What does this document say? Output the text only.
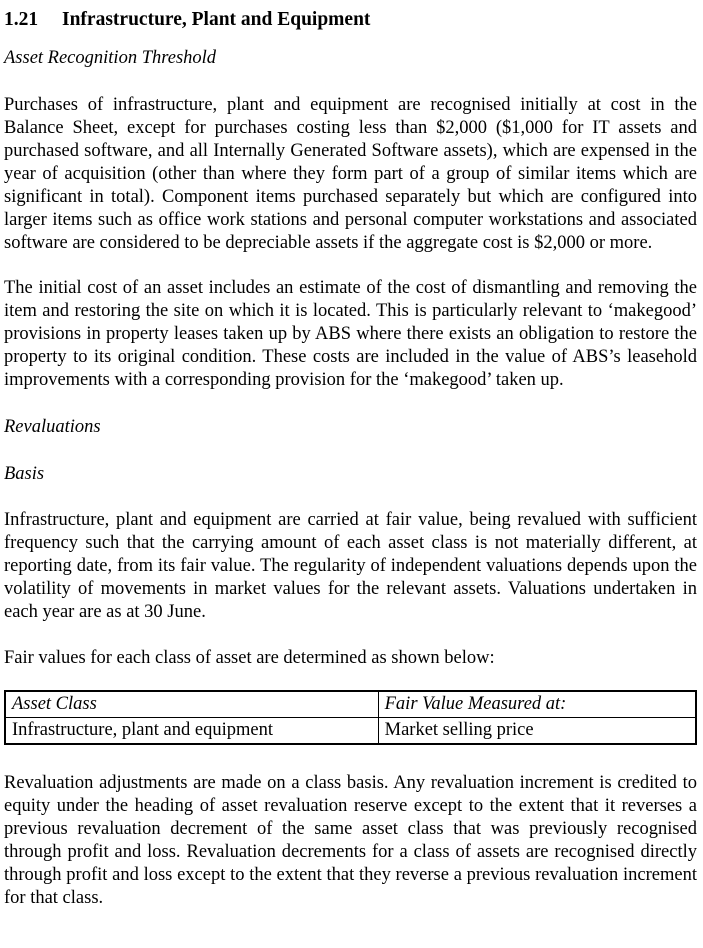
1.21	Infrastructure, Plant and Equipment

Asset Recognition Threshold

Purchases of infrastructure, plant and equipment are recognised initially at cost in the Balance Sheet, except for purchases costing less than $2,000 ($1,000 for IT assets and purchased software, and all Internally Generated Software assets), which are expensed in the year of acquisition (other than where they form part of a group of similar items which are significant in total). Component items purchased separately but which are configured into larger items such as office work stations and personal computer workstations and associated software are considered to be depreciable assets if the aggregate cost is $2,000 or more.

The initial cost of an asset includes an estimate of the cost of dismantling and removing the item and restoring the site on which it is located. This is particularly relevant to ‘makegood’ provisions in property leases taken up by ABS where there exists an obligation to restore the property to its original condition. These costs are included in the value of ABS’s leasehold improvements with a corresponding provision for the ‘makegood’ taken up.

Revaluations

Basis

Infrastructure, plant and equipment are carried at fair value, being revalued with sufficient frequency such that the carrying amount of each asset class is not materially different, at reporting date, from its fair value. The regularity of independent valuations depends upon the volatility of movements in market values for the relevant assets. Valuations undertaken in each year are as at 30 June.

Fair values for each class of asset are determined as shown below:

Asset Class	Fair Value Measured at:
Infrastructure, plant and equipment	Market selling price

Revaluation adjustments are made on a class basis. Any revaluation increment is credited to equity under the heading of asset revaluation reserve except to the extent that it reverses a previous revaluation decrement of the same asset class that was previously recognised through profit and loss. Revaluation decrements for a class of assets are recognised directly through profit and loss except to the extent that they reverse a previous revaluation increment for that class.
